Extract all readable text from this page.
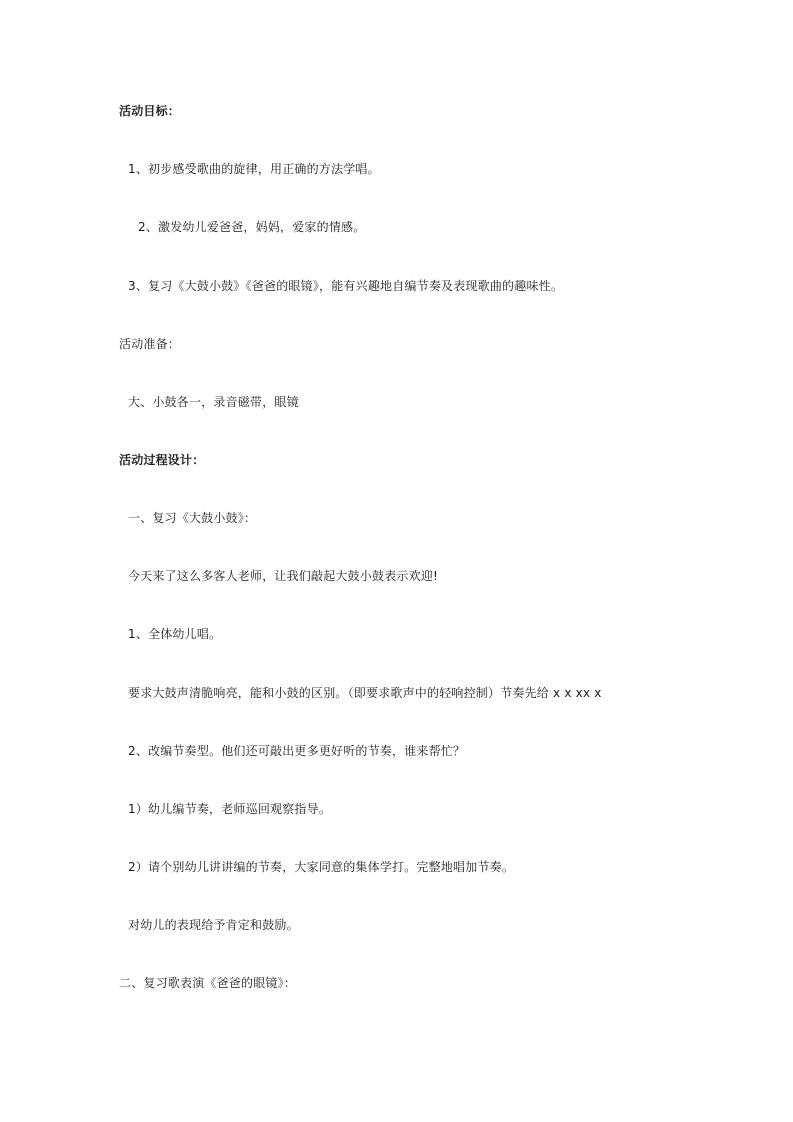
活动目标：
1、初步感受歌曲的旋律，用正确的方法学唱。
2、激发幼儿爱爸爸，妈妈，爱家的情感。
3、复习《大鼓小鼓》《爸爸的眼镜》，能有兴趣地自编节奏及表现歌曲的趣味性。
活动准备：
大、小鼓各一，录音磁带，眼镜
活动过程设计：
一、复习《大鼓小鼓》：
今天来了这么多客人老师，让我们敲起大鼓小鼓表示欢迎!
1、全体幼儿唱。
要求大鼓声清脆响亮，能和小鼓的区别。（即要求歌声中的轻响控制）节奏先给 x x xx x
2、改编节奏型。他们还可敲出更多更好听的节奏，谁来帮忙？
1）幼儿编节奏，老师巡回观察指导。
2）请个别幼儿讲讲编的节奏，大家同意的集体学打。完整地唱加节奏。
对幼儿的表现给予肯定和鼓励。
二、复习歌表演《爸爸的眼镜》：
